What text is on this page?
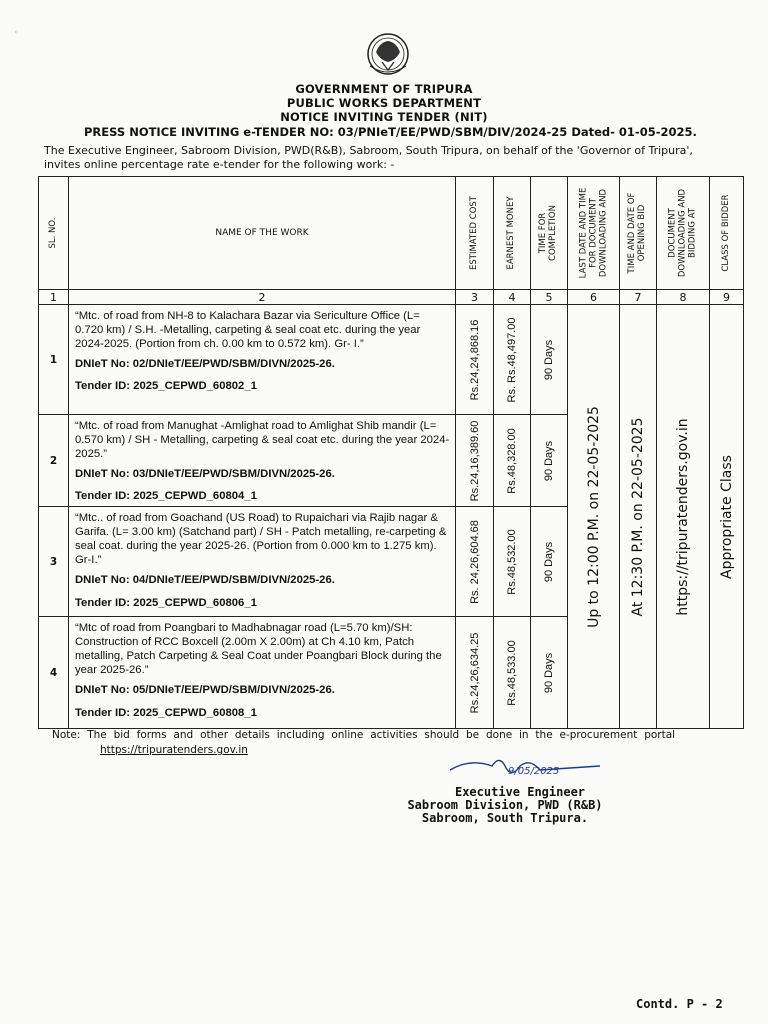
◦
GOVERNMENT OF TRIPURA
PUBLIC WORKS DEPARTMENT
NOTICE INVITING TENDER (NIT)
PRESS NOTICE INVITING e-TENDER NO: 03/PNIeT/EE/PWD/SBM/DIV/2024-25 Dated- 01-05-2025.
The Executive Engineer, Sabroom Division, PWD(R&B), Sabroom, South Tripura, on behalf of the 'Governor of Tripura',
invites online percentage rate e-tender for the following work: -
SL. NO.	NAME OF THE WORK	ESTIMATED COST	EARNEST MONEY	TIME FOR COMPLETION	LAST DATE AND TIME FOR DOCUMENT DOWNLOADING AND	TIME AND DATE OF OPENING BID	DOCUMENT DOWNLOADING AND BIDDING AT	CLASS OF BIDDER

1	2	3	4	5	6	7	8	9
1	“Mtc. of road from NH-8 to Kalachara Bazar via Sericulture Office (L= 0.720 km) / S.H. -Metalling, carpeting & seal coat etc. during the year 2024-2025. (Portion from ch. 0.00 km to 0.572 km). Gr- I.”
DNIeT No: 02/DNIeT/EE/PWD/SBM/DIVN/2025-26.
Tender ID: 2025_CEPWD_60802_1	Rs.24,24,868.16	Rs. Rs.48,497.00	90 Days	Up to 12:00 P.M. on 22-05-2025	At 12:30 P.M. on 22-05-2025	https://tripuratenders.gov.in	Appropriate Class

2	“Mtc. of road from Manughat -Amlighat road to Amlighat Shib mandir (L= 0.570 km) / SH - Metalling, carpeting & seal coat etc. during the year 2024-2025.”
DNIeT No: 03/DNIeT/EE/PWD/SBM/DIVN/2025-26.
Tender ID: 2025_CEPWD_60804_1	Rs.24,16,389.60	Rs.48,328.00	90 Days				

3	“Mtc.. of road from Goachand (US Road) to Rupaichari via Rajib nagar & Garifa. (L= 3.00 km) (Satchand part) / SH - Patch metalling, re-carpeting & seal coat. during the year 2025-26. (Portion from 0.000 km to 1.275 km). Gr-I.”
DNIeT No: 04/DNIeT/EE/PWD/SBM/DIVN/2025-26.
Tender ID: 2025_CEPWD_60806_1	Rs. 24,26,604.68	Rs.48,532.00	90 Days				

4	“Mtc of road from Poangbari to Madhabnagar road (L=5.70 km)/SH: Construction of RCC Boxcell (2.00m X 2.00m) at Ch 4.10 km, Patch metalling, Patch Carpeting & Seal Coat under Poangbari Block during the year 2025-26.”
DNIeT No: 05/DNIeT/EE/PWD/SBM/DIVN/2025-26.
Tender ID: 2025_CEPWD_60808_1	Rs.24,26,634.25	Rs.48,533.00	90 Days				
Note: The bid forms and other details including online activities should be done in the e-procurement portal
https://tripuratenders.gov.in
9/05/2025
Executive Engineer
Sabroom Division, PWD (R&B)
Sabroom, South Tripura.
Contd. P - 2
